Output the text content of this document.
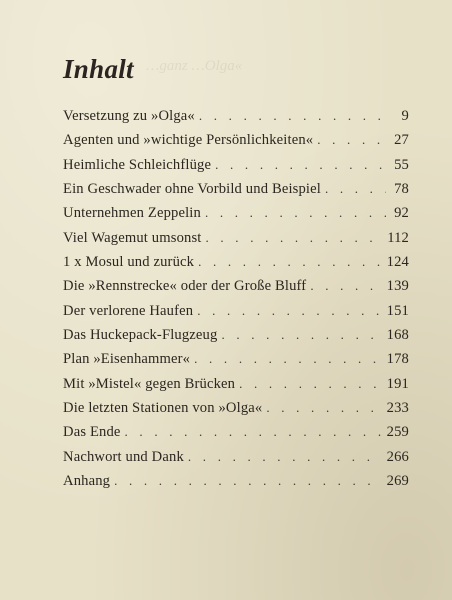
…ganz …Olga«
Inhalt
Versetzung zu »Olga« . . .	9
Agenten und »wichtige Persönlichkeiten« . . .	27
Heimliche Schleichflüge . . .	55
Ein Geschwader ohne Vorbild und Beispiel . . .	78
Unternehmen Zeppelin . . .	92
Viel Wagemut umsonst . . .	112
1 x Mosul und zurück . . .	124
Die »Rennstrecke« oder der Große Bluff . . .	139
Der verlorene Haufen . . .	151
Das Huckepack-Flugzeug . . .	168
Plan »Eisenhammer« . . .	178
Mit »Mistel« gegen Brücken . . .	191
Die letzten Stationen von »Olga« . . .	233
Das Ende . . .	259
Nachwort und Dank . . .	266
Anhang . . .	269
